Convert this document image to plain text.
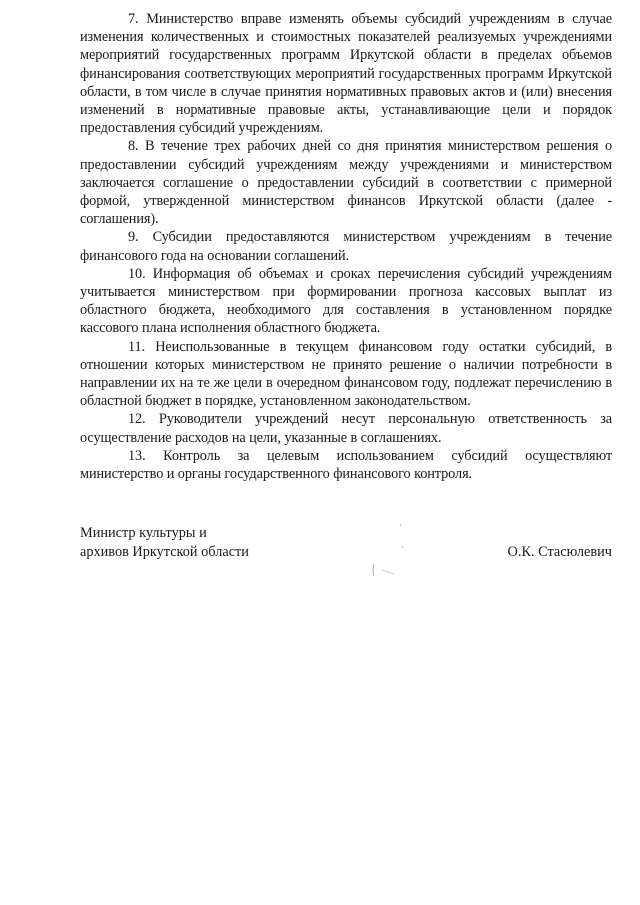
7. Министерство вправе изменять объемы субсидий учреждениям в случае изменения количественных и стоимостных показателей реализуемых учреждениями мероприятий государственных программ Иркутской области в пределах объемов финансирования соответствующих мероприятий государственных программ Иркутской области, в том числе в случае принятия нормативных правовых актов и (или) внесения изменений в нормативные правовые акты, устанавливающие цели и порядок предоставления субсидий учреждениям.

8. В течение трех рабочих дней со дня принятия министерством решения о предоставлении субсидий учреждениям между учреждениями и министерством заключается соглашение о предоставлении субсидий в соответствии с примерной формой, утвержденной министерством финансов Иркутской области (далее - соглашения).

9. Субсидии предоставляются министерством учреждениям в течение финансового года на основании соглашений.

10. Информация об объемах и сроках перечисления субсидий учреждениям учитывается министерством при формировании прогноза кассовых выплат из областного бюджета, необходимого для составления в установленном порядке кассового плана исполнения областного бюджета.

11. Неиспользованные в текущем финансовом году остатки субсидий, в отношении которых министерством не принято решение о наличии потребности в направлении их на те же цели в очередном финансовом году, подлежат перечислению в областной бюджет в порядке, установленном законодательством.

12. Руководители учреждений несут персональную ответственность за осуществление расходов на цели, указанные в соглашениях.

13. Контроль за целевым использованием субсидий осуществляют министерство и органы государственного финансового контроля.

Министр культуры и
архивов Иркутской области	О.К. Стасюлевич
